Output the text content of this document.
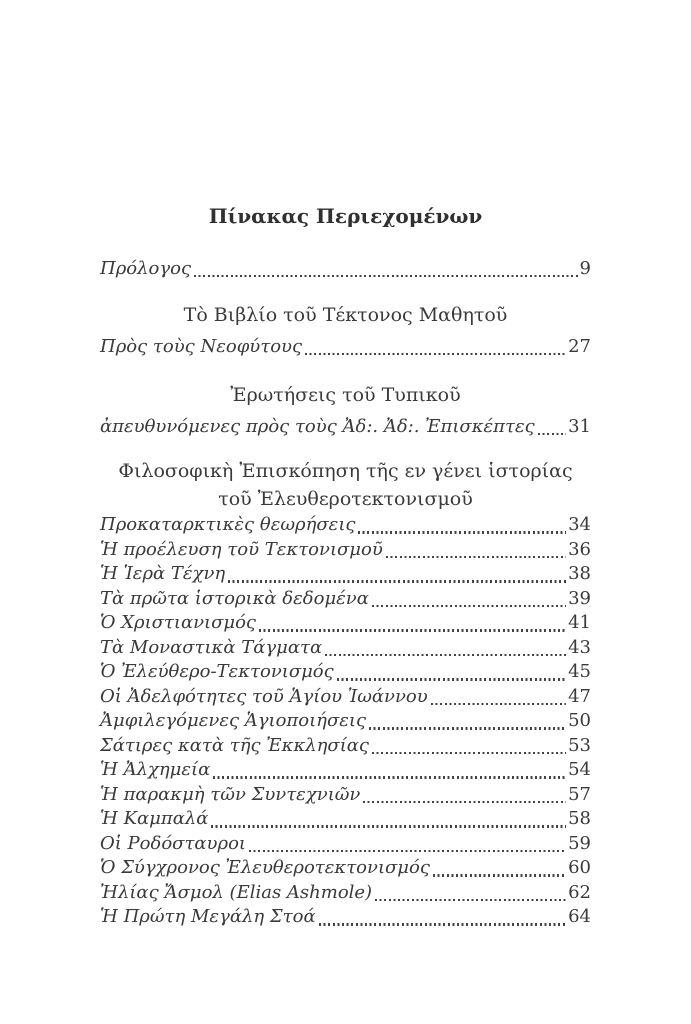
Πίνακας Περιεχομένων
Πρόλογος	9
Τὸ Βιβλίο τοῦ Τέκτονος Μαθητοῦ
Πρὸς τοὺς Νεοφύτους	27
Ἐρωτήσεις τοῦ Τυπικοῦ
ἀπευθυνόμενες πρὸς τοὺς Ἀδ:. Ἀδ:. Ἐπισκέπτες 31
Φιλοσοφικὴ Ἐπισκόπηση τῆς εν γένει ἱστορίας
τοῦ Ἐλευθεροτεκτονισμοῦ
Προκαταρκτικὲς θεωρήσεις	34
Ἡ προέλευση τοῦ Τεκτονισμοῦ	36
Ἡ Ἱερὰ Τέχνη	38
Τὰ πρῶτα ἱστορικὰ δεδομένα	39
Ὁ Χριστιανισμός	41
Τὰ Μοναστικὰ Τάγματα	43
Ὁ Ἐλεύθερο-Τεκτονισμός	45
Οἱ Ἀδελφότητες τοῦ Ἁγίου Ἰωάννου	47
Ἀμφιλεγόμενες Ἁγιοποιήσεις	50
Σάτιρες κατὰ τῆς Ἐκκλησίας	53
Ἡ Ἀλχημεία	54
Ἡ παρακμὴ τῶν Συντεχνιῶν	57
Ἡ Καμπαλά	58
Οἱ Ροδόσταυροι	59
Ὁ Σύγχρονος Ἐλευθεροτεκτονισμός	60
Ἠλίας Ἄσμολ (Elias Ashmole)	62
Ἡ Πρώτη Μεγάλη Στοά	64
